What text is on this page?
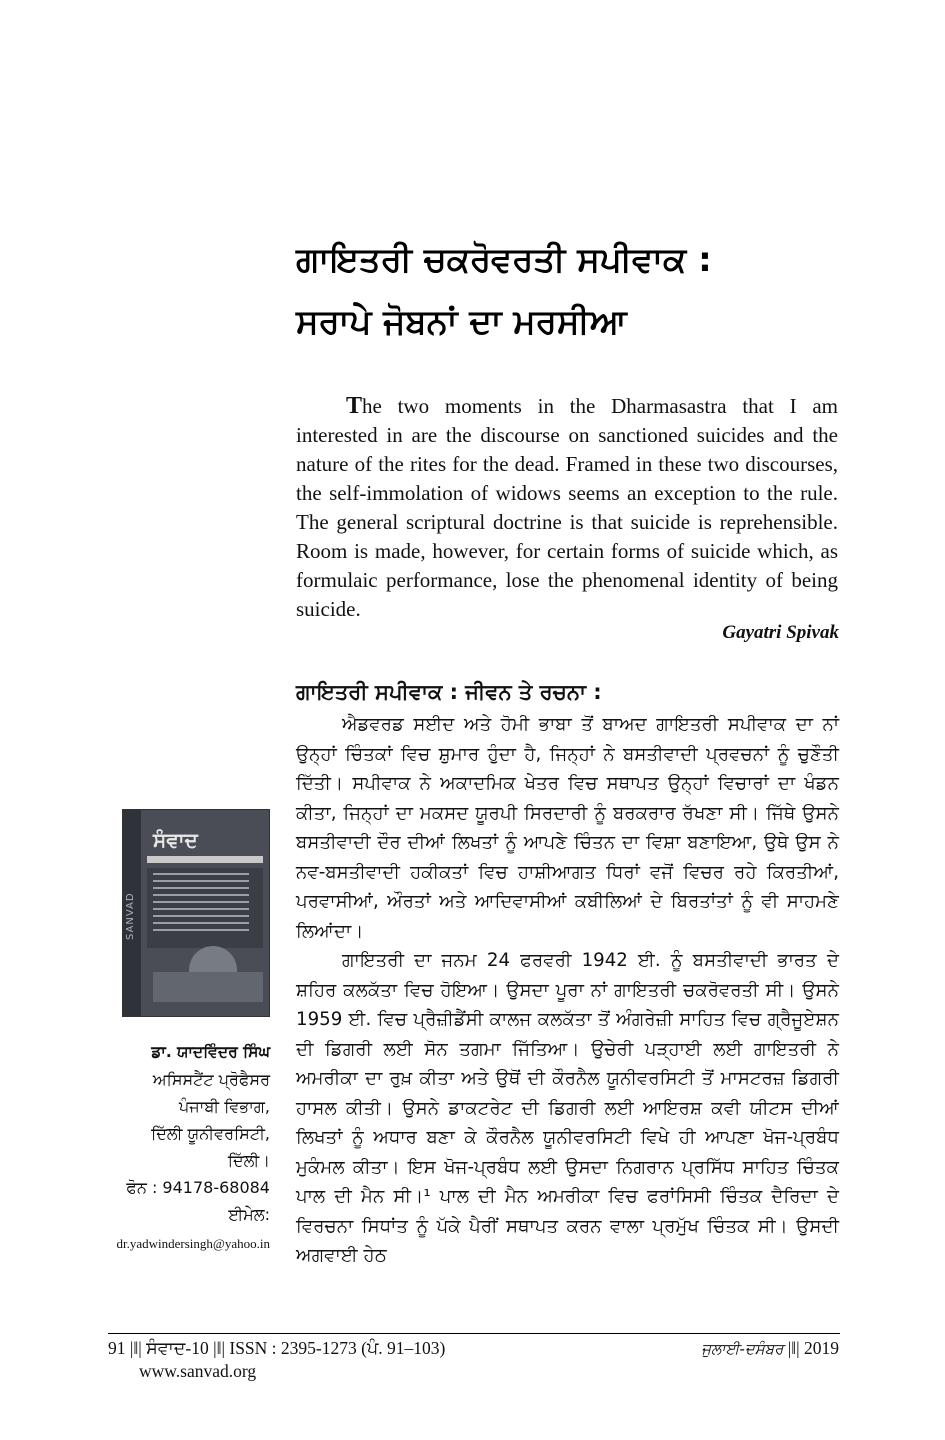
ਗਾਇਤਰੀ ਚਕਰੋਵਰਤੀ ਸਪੀਵਾਕ :
ਸਰਾਪੇ ਜੋਬਨਾਂ ਦਾ ਮਰਸੀਆ

The two moments in the Dharmasastra that I am interested in are the discourse on sanctioned suicides and the nature of the rites for the dead. Framed in these two discourses, the self-immolation of widows seems an exception to the rule. The general scriptural doctrine is that suicide is reprehensible. Room is made, however, for certain forms of suicide which, as formulaic performance, lose the phenomenal identity of being suicide.

Gayatri Spivak
ਗਾਇਤਰੀ ਸਪੀਵਾਕ : ਜੀਵਨ ਤੇ ਰਚਨਾ :

ਐਡਵਰਡ ਸਈਦ ਅਤੇ ਹੋਮੀ ਭਾਬਾ ਤੋਂ ਬਾਅਦ ਗਾਇਤਰੀ ਸਪੀਵਾਕ ਦਾ ਨਾਂ ਉਨ੍ਹਾਂ ਚਿੰਤਕਾਂ ਵਿਚ ਸ਼ੁਮਾਰ ਹੁੰਦਾ ਹੈ, ਜਿਨ੍ਹਾਂ ਨੇ ਬਸਤੀਵਾਦੀ ਪ੍ਰਵਚਨਾਂ ਨੂੰ ਚੁਣੌਤੀ ਦਿੱਤੀ। ਸਪੀਵਾਕ ਨੇ ਅਕਾਦਮਿਕ ਖੇਤਰ ਵਿਚ ਸਥਾਪਤ ਉਨ੍ਹਾਂ ਵਿਚਾਰਾਂ ਦਾ ਖੰਡਨ ਕੀਤਾ, ਜਿਨ੍ਹਾਂ ਦਾ ਮਕਸਦ ਯੂਰਪੀ ਸਿਰਦਾਰੀ ਨੂੰ ਬਰਕਰਾਰ ਰੱਖਣਾ ਸੀ। ਜਿੱਥੇ ਉਸਨੇ ਬਸਤੀਵਾਦੀ ਦੌਰ ਦੀਆਂ ਲਿਖਤਾਂ ਨੂੰ ਆਪਣੇ ਚਿੰਤਨ ਦਾ ਵਿਸ਼ਾ ਬਣਾਇਆ, ਉਥੇ ਉਸ ਨੇ ਨਵ-ਬਸਤੀਵਾਦੀ ਹਕੀਕਤਾਂ ਵਿਚ ਹਾਸ਼ੀਆਗਤ ਧਿਰਾਂ ਵਜੋਂ ਵਿਚਰ ਰਹੇ ਕਿਰਤੀਆਂ, ਪਰਵਾਸੀਆਂ, ਔਰਤਾਂ ਅਤੇ ਆਦਿਵਾਸੀਆਂ ਕਬੀਲਿਆਂ ਦੇ ਬਿਰਤਾਂਤਾਂ ਨੂੰ ਵੀ ਸਾਹਮਣੇ ਲਿਆਂਦਾ।

ਗਾਇਤਰੀ ਦਾ ਜਨਮ 24 ਫਰਵਰੀ 1942 ਈ. ਨੂੰ ਬਸਤੀਵਾਦੀ ਭਾਰਤ ਦੇ ਸ਼ਹਿਰ ਕਲਕੱਤਾ ਵਿਚ ਹੋਇਆ। ਉਸਦਾ ਪੂਰਾ ਨਾਂ ਗਾਇਤਰੀ ਚਕਰੋਵਰਤੀ ਸੀ। ਉਸਨੇ 1959 ਈ. ਵਿਚ ਪ੍ਰੈਜ਼ੀਡੈਂਸੀ ਕਾਲਜ ਕਲਕੱਤਾ ਤੋਂ ਅੰਗਰੇਜ਼ੀ ਸਾਹਿਤ ਵਿਚ ਗ੍ਰੈਜੂਏਸ਼ਨ ਦੀ ਡਿਗਰੀ ਲਈ ਸੋਨ ਤਗਮਾ ਜਿੱਤਿਆ। ਉਚੇਰੀ ਪੜ੍ਹਾਈ ਲਈ ਗਾਇਤਰੀ ਨੇ ਅਮਰੀਕਾ ਦਾ ਰੁਖ਼ ਕੀਤਾ ਅਤੇ ਉਥੋਂ ਦੀ ਕੌਰਨੈਲ ਯੂਨੀਵਰਸਿਟੀ ਤੋਂ ਮਾਸਟਰਜ਼ ਡਿਗਰੀ ਹਾਸਲ ਕੀਤੀ। ਉਸਨੇ ਡਾਕਟਰੇਟ ਦੀ ਡਿਗਰੀ ਲਈ ਆਇਰਸ਼ ਕਵੀ ਯੀਟਸ ਦੀਆਂ ਲਿਖਤਾਂ ਨੂੰ ਅਧਾਰ ਬਣਾ ਕੇ ਕੌਰਨੈਲ ਯੂਨੀਵਰਸਿਟੀ ਵਿਖੇ ਹੀ ਆਪਣਾ ਖੋਜ-ਪ੍ਰਬੰਧ ਮੁਕੰਮਲ ਕੀਤਾ। ਇਸ ਖੋਜ-ਪ੍ਰਬੰਧ ਲਈ ਉਸਦਾ ਨਿਗਰਾਨ ਪ੍ਰਸਿੱਧ ਸਾਹਿਤ ਚਿੰਤਕ ਪਾਲ ਦੀ ਮੈਨ ਸੀ।¹ ਪਾਲ ਦੀ ਮੈਨ ਅਮਰੀਕਾ ਵਿਚ ਫਰਾਂਸਿਸੀ ਚਿੰਤਕ ਦੈਰਿਦਾ ਦੇ ਵਿਰਚਨਾ ਸਿਧਾਂਤ ਨੂੰ ਪੱਕੇ ਪੈਰੀਂ ਸਥਾਪਤ ਕਰਨ ਵਾਲਾ ਪ੍ਰਮੁੱਖ ਚਿੰਤਕ ਸੀ। ਉਸਦੀ ਅਗਵਾਈ ਹੇਠ

SANVAD
ਸੰਵਾਦ
ਡਾ. ਯਾਦਵਿੰਦਰ ਸਿੰਘ
ਅਸਿਸਟੈਂਟ ਪ੍ਰੋਫੈਸਰ
ਪੰਜਾਬੀ ਵਿਭਾਗ,
ਦਿੱਲੀ ਯੂਨੀਵਰਸਿਟੀ,
ਦਿੱਲੀ।
ਫੋਨ : 94178-68084
ਈਮੇਲ:
dr.yadwindersingh@yahoo.in
91 |‖| ਸੰਵਾਦ-10 |‖| ISSN : 2395-1273 (ਪੰ. 91–103)
www.sanvad.org
ਜੁਲਾਈ-ਦਸੰਬਰ |‖| 2019
